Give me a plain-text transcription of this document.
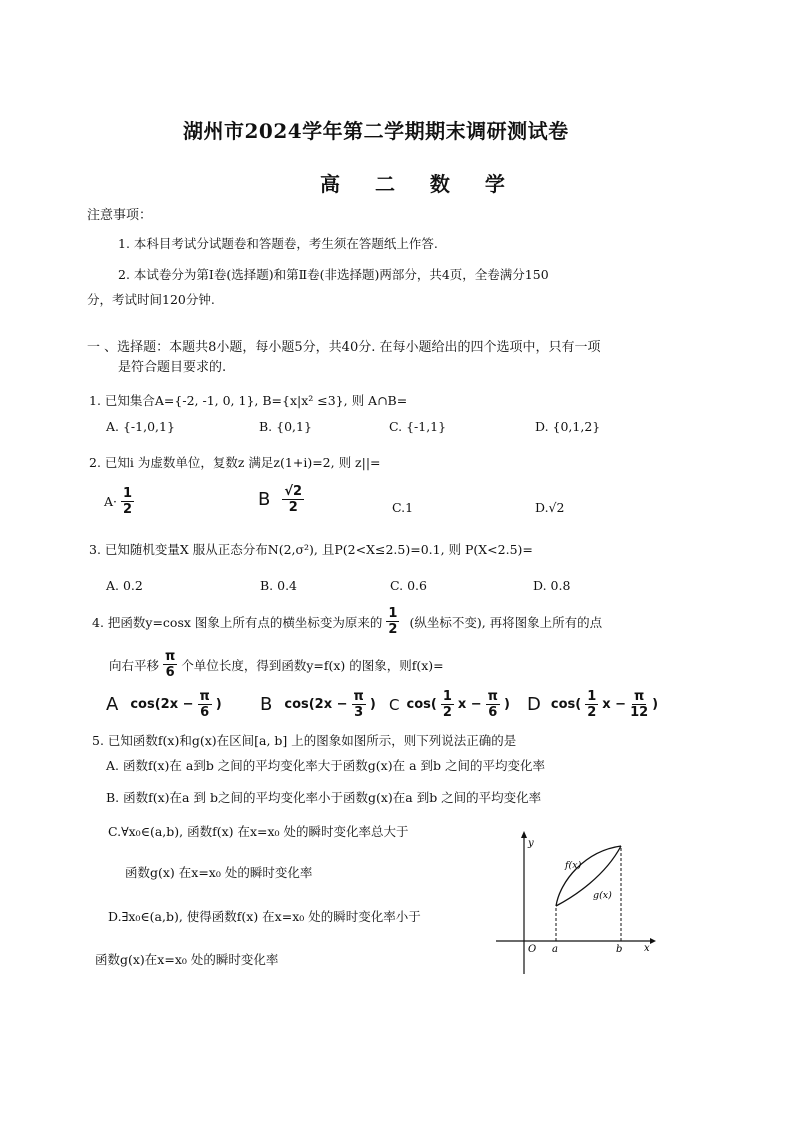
湖州市2024学年第二学期期末调研测试卷
高 二 数 学
注意事项：
1. 本科目考试分试题卷和答题卷，考生须在答题纸上作答.
2. 本试卷分为第Ⅰ卷(选择题)和第Ⅱ卷(非选择题)两部分，共4页，全卷满分150
分，考试时间120分钟.
一 、选择题：本题共8小题，每小题5分，共40分. 在每小题给出的四个选项中，只有一项
是符合题目要求的.
1. 已知集合A={-2, -1, 0, 1}, B={x|x² ≤3}, 则 A∩B=
A. {-1,0,1}	B. {0,1}	C. {-1,1}	D. {0,1,2}
2. 已知i 为虚数单位，复数z 满足z(1+i)=2, 则 z||=
$A\cdot \frac{1}{2}$	B $\frac{√2}{2}$	C.1	D.√2
3. 已知随机变量X 服从正态分布N(2,σ²), 且P(2<X≤2.5)=0.1, 则 P(X<2.5)=
A. 0.2	B. 0.4	C. 0.6	D. 0.8
4. 把函数y=cosx 图象上所有点的横坐标变为原来的 $\frac{1}{2}$ (纵坐标不变), 再将图象上所有的点
向右平移 $\frac{\pi}{6}$ 个单位长度，得到函数y=f(x) 的图象，则f(x)=
A $\cos(2x - \frac{\pi}{6}$ ) B $\cos(2x - \frac{\pi}{3}$ ) C $\cos( \frac{1}{2}$ $x - \frac{\pi}{6}$ ) D $\cos( \frac{1}{2}$ $x - \frac{\pi}{12}$ )
5. 已知函数f(x)和g(x)在区间[a, b] 上的图象如图所示，则下列说法正确的是
A. 函数f(x)在 a到b 之间的平均变化率大于函数g(x)在 a 到b 之间的平均变化率
B. 函数f(x)在a 到 b之间的平均变化率小于函数g(x)在a 到b 之间的平均变化率
C.∀x₀∈(a,b), 函数f(x) 在x=x₀ 处的瞬时变化率总大于
函数g(x) 在x=x₀ 处的瞬时变化率
D.∃x₀∈(a,b), 使得函数f(x) 在x=x₀ 处的瞬时变化率小于
函数g(x)在x=x₀ 处的瞬时变化率
y
x
O a	b
f(x)
g(x)
